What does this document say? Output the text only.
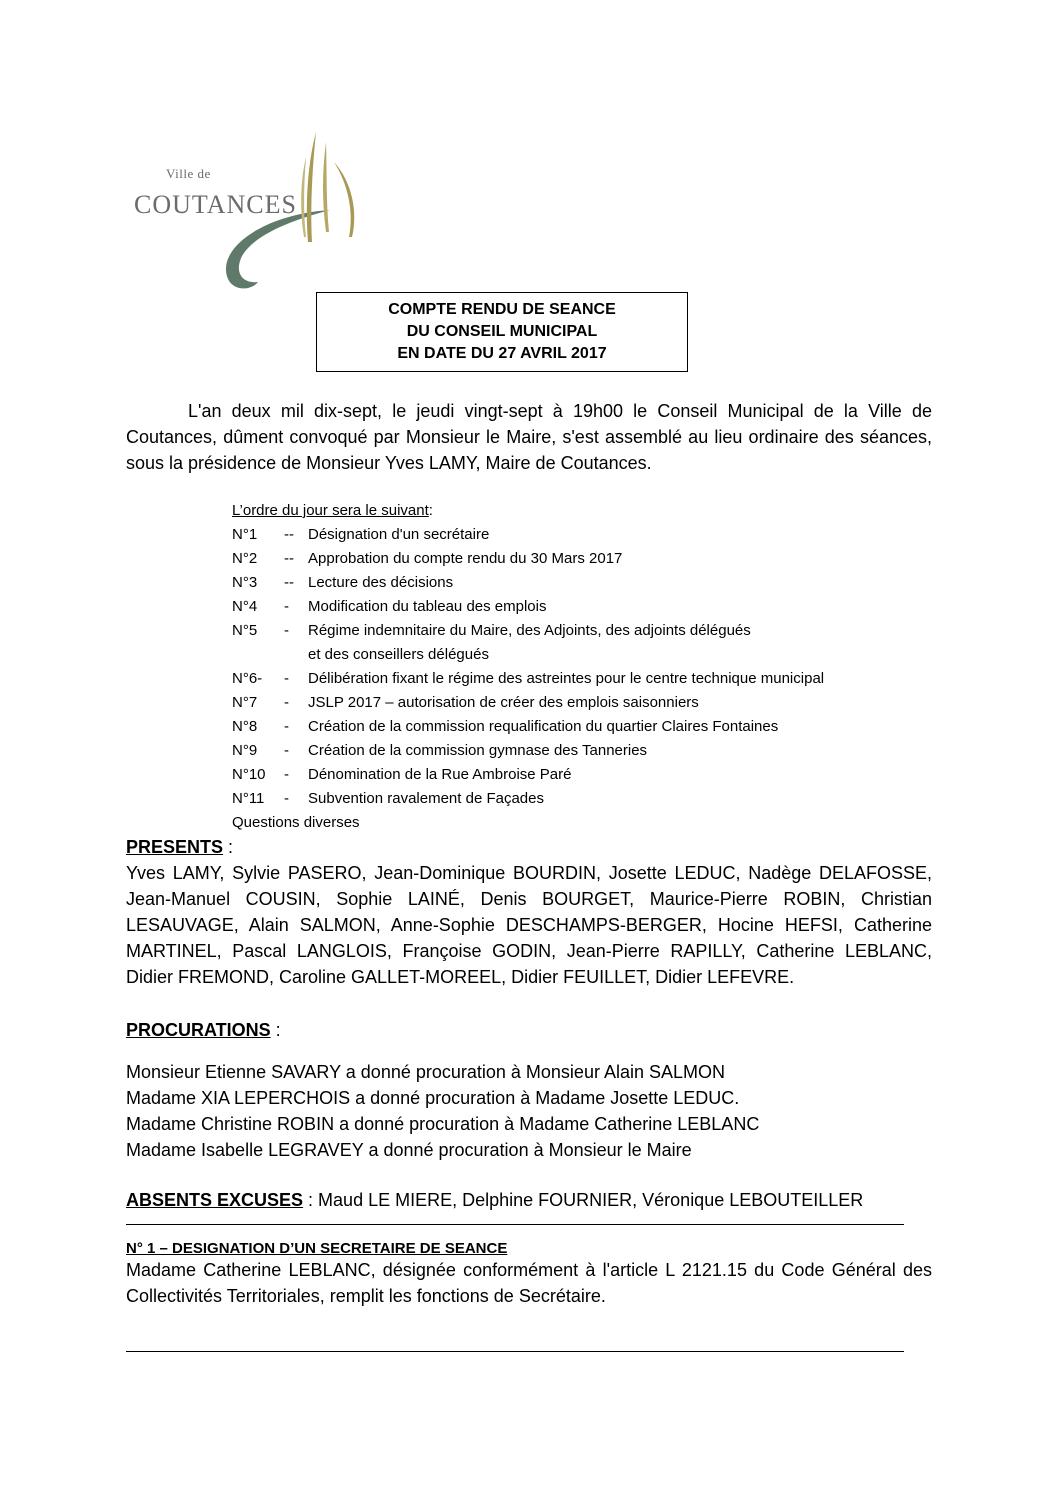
Ville de
COUTANCES
COMPTE RENDU DE SEANCE
DU CONSEIL MUNICIPAL
EN DATE DU 27 AVRIL 2017
L'an deux mil dix-sept, le jeudi vingt-sept à 19h00 le Conseil Municipal de la Ville de Coutances, dûment convoqué par Monsieur le Maire, s'est assemblé au lieu ordinaire des séances, sous la présidence de Monsieur Yves LAMY, Maire de Coutances.
L’ordre du jour sera le suivant :
N°1	-- Désignation d'un secrétaire
N°2	-- Approbation du compte rendu du 30 Mars 2017
N°3	-- Lecture des décisions
N°4	-	Modification du tableau des emplois
N°5	-	Régime indemnitaire du Maire, des Adjoints, des adjoints délégués
et des conseillers délégués
N°6-	-	Délibération fixant le régime des astreintes pour le centre technique municipal
N°7	-	JSLP 2017 – autorisation de créer des emplois saisonniers
N°8	-	Création de la commission requalification du quartier Claires Fontaines
N°9	-	Création de la commission gymnase des Tanneries
N°10	-	Dénomination de la Rue Ambroise Paré
N°11	-	Subvention ravalement de Façades
Questions diverses
PRESENTS :
Yves LAMY, Sylvie PASERO, Jean-Dominique BOURDIN, Josette LEDUC, Nadège DELAFOSSE, Jean-Manuel COUSIN, Sophie LAINÉ, Denis BOURGET, Maurice-Pierre ROBIN, Christian LESAUVAGE, Alain SALMON, Anne-Sophie DESCHAMPS-BERGER, Hocine HEFSI, Catherine MARTINEL, Pascal LANGLOIS, Françoise GODIN, Jean-Pierre RAPILLY, Catherine LEBLANC, Didier FREMOND, Caroline GALLET-MOREEL, Didier FEUILLET, Didier LEFEVRE.
PROCURATIONS :
Monsieur Etienne SAVARY a donné procuration à Monsieur Alain SALMON
Madame XIA LEPERCHOIS a donné procuration à Madame Josette LEDUC.
Madame Christine ROBIN a donné procuration à Madame Catherine LEBLANC
Madame Isabelle LEGRAVEY a donné procuration à Monsieur le Maire
ABSENTS EXCUSES : Maud LE MIERE, Delphine FOURNIER, Véronique LEBOUTEILLER
N° 1 – DESIGNATION D’UN SECRETAIRE DE SEANCE
Madame Catherine LEBLANC, désignée conformément à l'article L 2121.15 du Code Général des Collectivités Territoriales, remplit les fonctions de Secrétaire.
